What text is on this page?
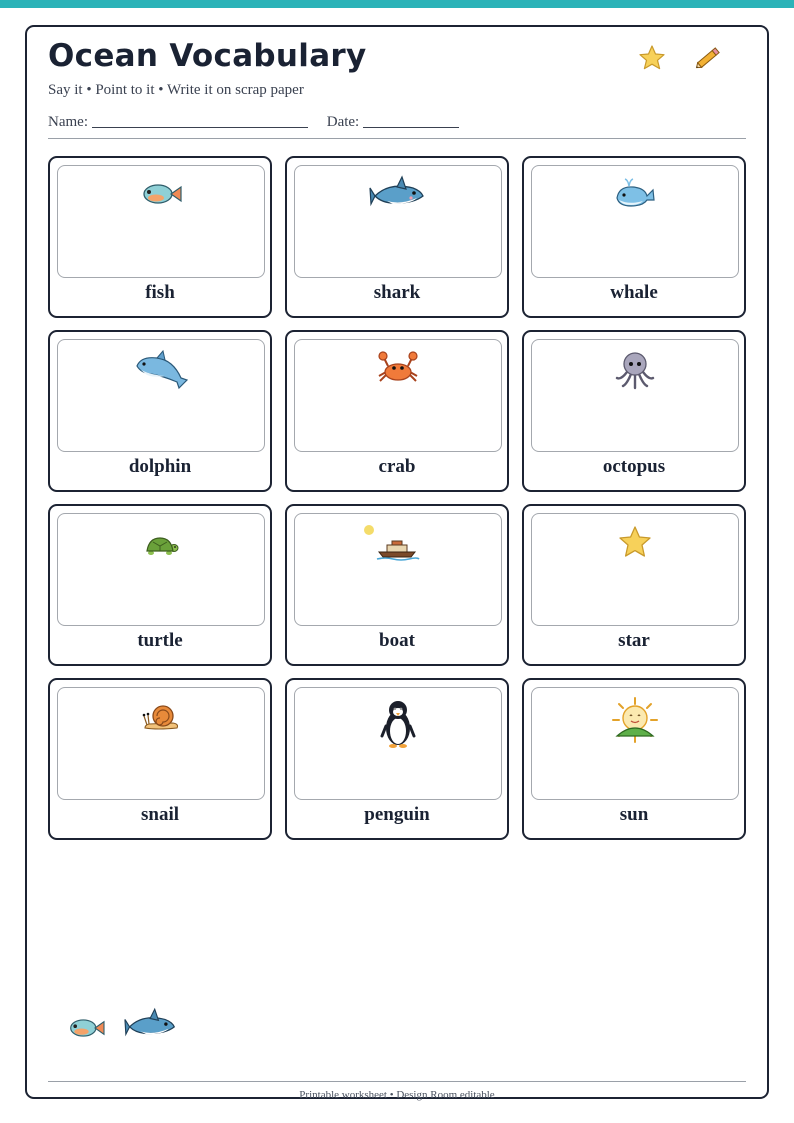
Ocean Vocabulary
Say it • Point to it • Write it on scrap paper
Name:	Date:
fish	shark	whale
dolphin	crab	octopus
turtle	boat	star
snail	penguin	sun
Printable worksheet • Design Room editable
